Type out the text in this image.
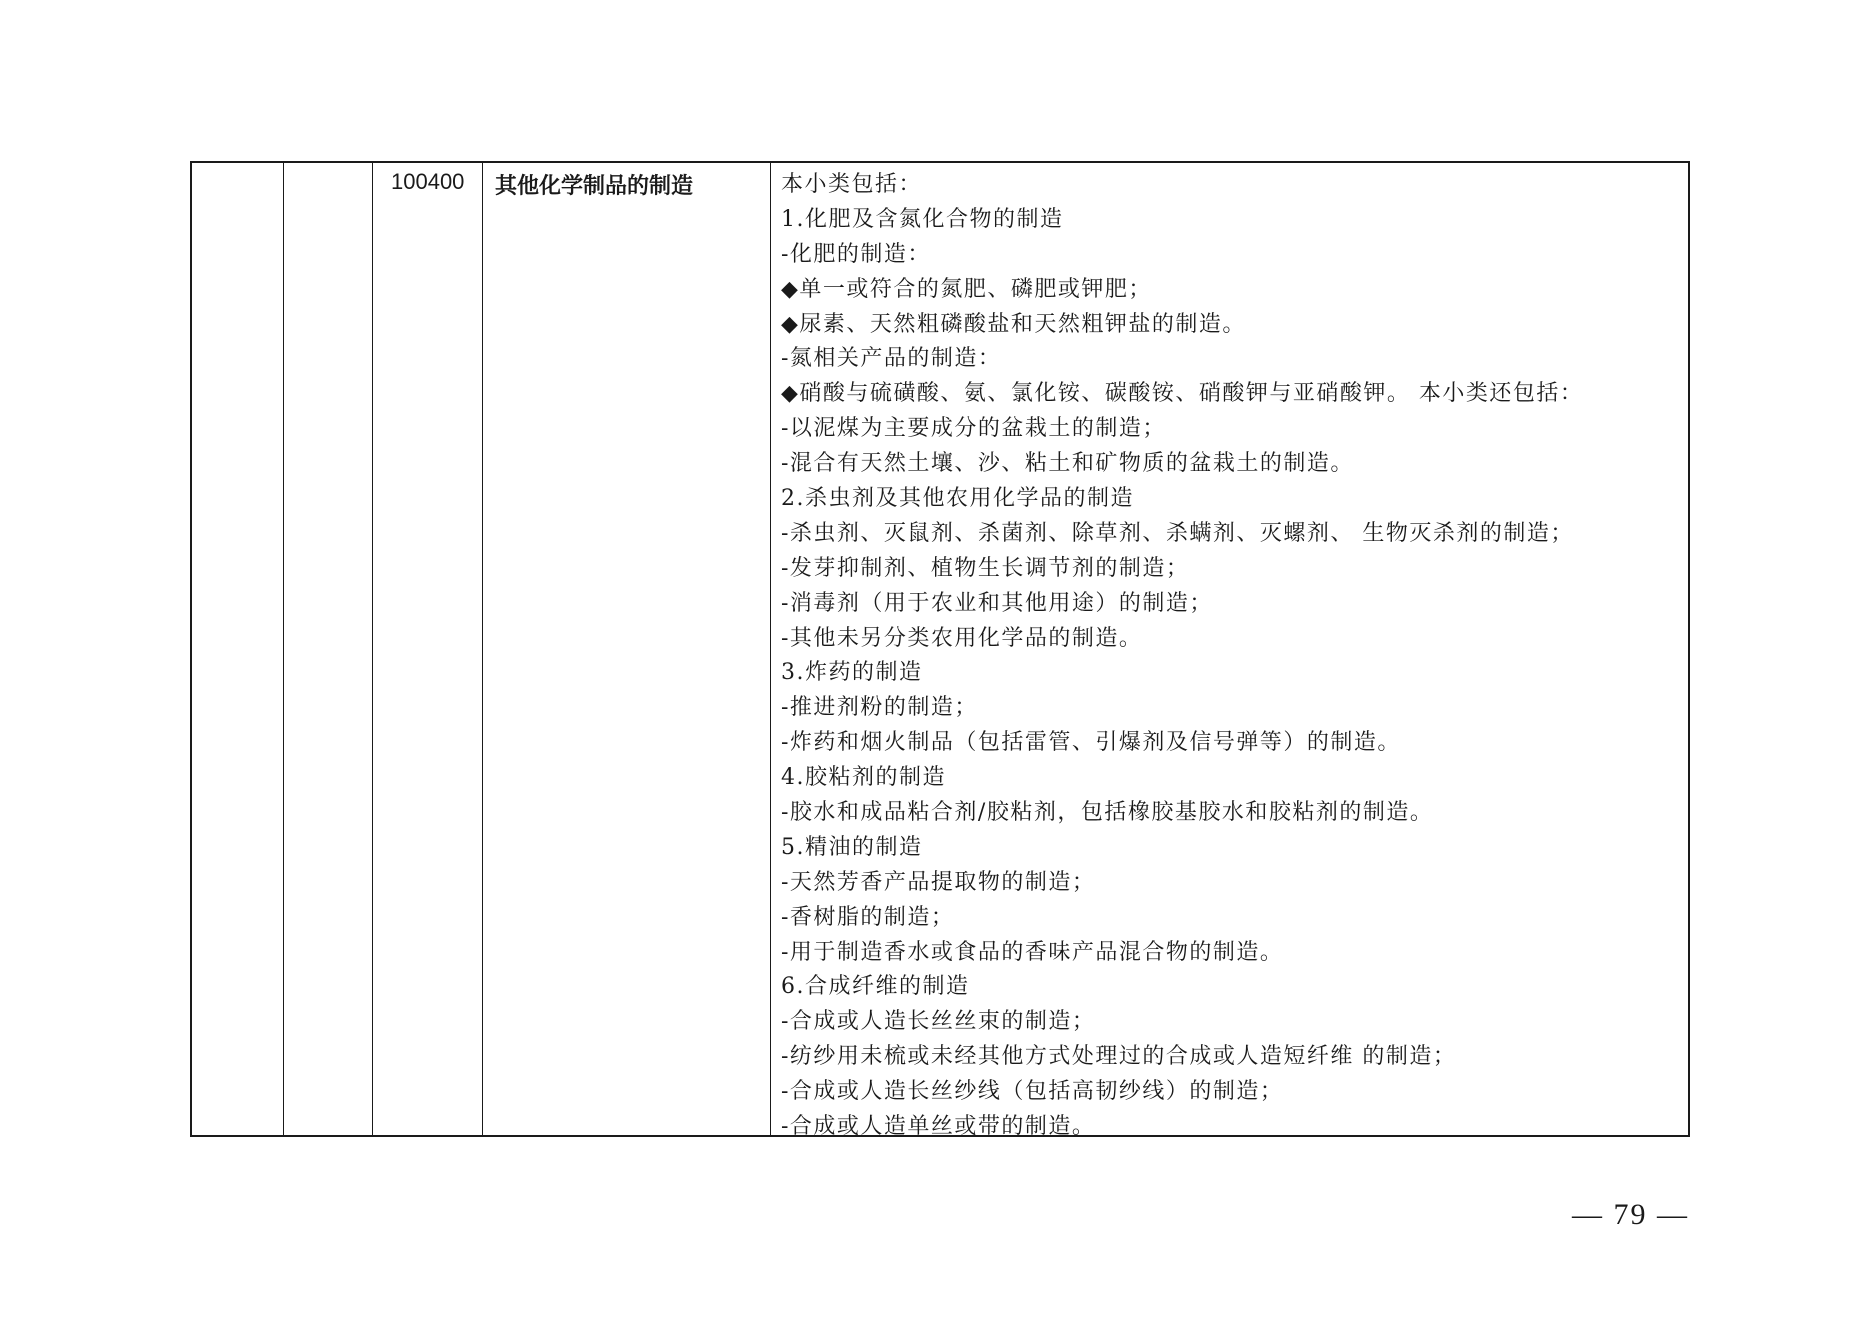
100400	其他化学制品的制造	本小类包括：
1.化肥及含氮化合物的制造
-化肥的制造：
◆单一或符合的氮肥、磷肥或钾肥；
◆尿素、天然粗磷酸盐和天然粗钾盐的制造。
-氮相关产品的制造：
◆硝酸与硫磺酸、氨、氯化铵、碳酸铵、硝酸钾与亚硝酸钾。 本小类还包括：
-以泥煤为主要成分的盆栽土的制造；
-混合有天然土壤、沙、粘土和矿物质的盆栽土的制造。
2.杀虫剂及其他农用化学品的制造
-杀虫剂、灭鼠剂、杀菌剂、除草剂、杀螨剂、灭螺剂、 生物灭杀剂的制造；
-发芽抑制剂、植物生长调节剂的制造；
-消毒剂（用于农业和其他用途）的制造；
-其他未另分类农用化学品的制造。
3.炸药的制造
-推进剂粉的制造；
-炸药和烟火制品（包括雷管、引爆剂及信号弹等）的制造。
4.胶粘剂的制造
-胶水和成品粘合剂/胶粘剂，包括橡胶基胶水和胶粘剂的制造。
5.精油的制造
-天然芳香产品提取物的制造；
-香树脂的制造；
-用于制造香水或食品的香味产品混合物的制造。
6.合成纤维的制造
-合成或人造长丝丝束的制造；
-纺纱用未梳或未经其他方式处理过的合成或人造短纤维 的制造；
-合成或人造长丝纱线（包括高韧纱线）的制造；
-合成或人造单丝或带的制造。
— 79 —
